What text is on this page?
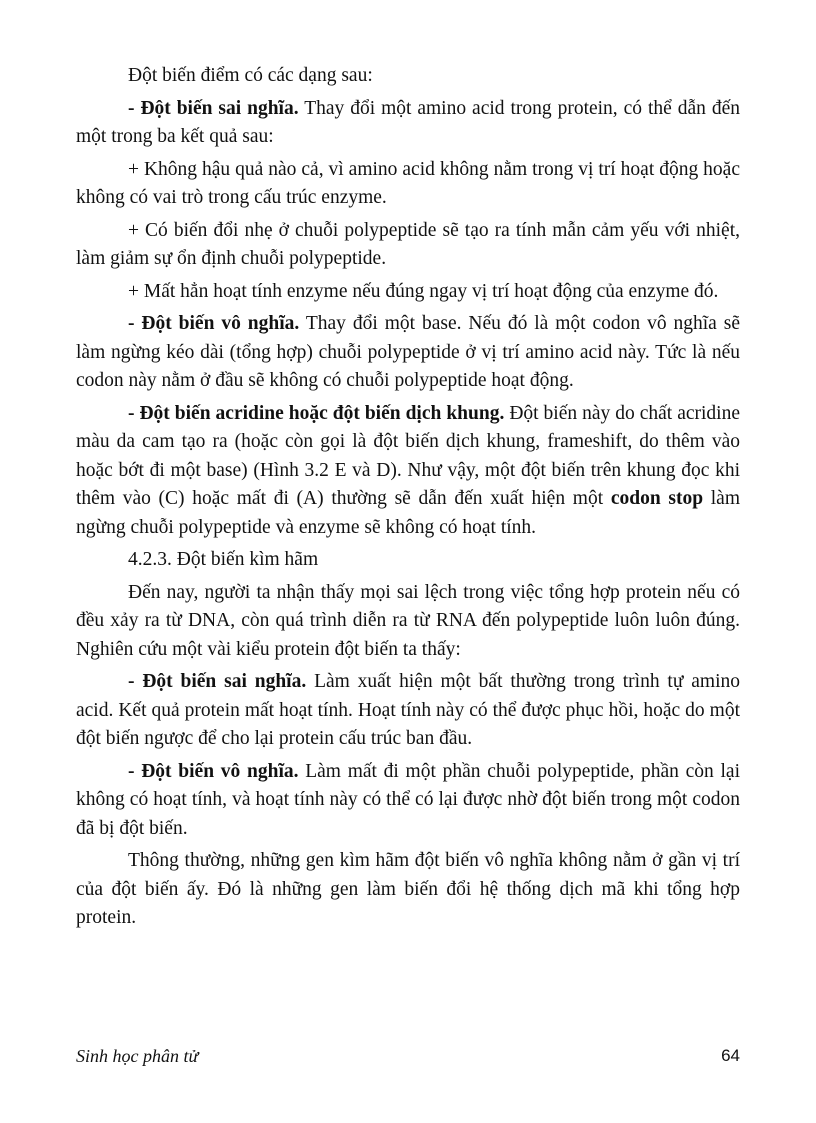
Đột biến điểm có các dạng sau:

- Đột biến sai nghĩa. Thay đổi một amino acid trong protein, có thể dẫn đến một trong ba kết quả sau:

+ Không hậu quả nào cả, vì amino acid không nằm trong vị trí hoạt động hoặc không có vai trò trong cấu trúc enzyme.

+ Có biến đổi nhẹ ở chuỗi polypeptide sẽ tạo ra tính mẫn cảm yếu với nhiệt, làm giảm sự ổn định chuỗi polypeptide.

+ Mất hẳn hoạt tính enzyme nếu đúng ngay vị trí hoạt động của enzyme đó.

- Đột biến vô nghĩa. Thay đổi một base. Nếu đó là một codon vô nghĩa sẽ làm ngừng kéo dài (tổng hợp) chuỗi polypeptide ở vị trí amino acid này. Tức là nếu codon này nằm ở đầu sẽ không có chuỗi polypeptide hoạt động.

- Đột biến acridine hoặc đột biến dịch khung. Đột biến này do chất acridine màu da cam tạo ra (hoặc còn gọi là đột biến dịch khung, frameshift, do thêm vào hoặc bớt đi một base) (Hình 3.2 E và D). Như vậy, một đột biến trên khung đọc khi thêm vào (C) hoặc mất đi (A) thường sẽ dẫn đến xuất hiện một codon stop làm ngừng chuỗi polypeptide và enzyme sẽ không có hoạt tính.

4.2.3. Đột biến kìm hãm

Đến nay, người ta nhận thấy mọi sai lệch trong việc tổng hợp protein nếu có đều xảy ra từ DNA, còn quá trình diễn ra từ RNA đến polypeptide luôn luôn đúng. Nghiên cứu một vài kiểu protein đột biến ta thấy:

- Đột biến sai nghĩa. Làm xuất hiện một bất thường trong trình tự amino acid. Kết quả protein mất hoạt tính. Hoạt tính này có thể được phục hồi, hoặc do một đột biến ngược để cho lại protein cấu trúc ban đầu.

- Đột biến vô nghĩa. Làm mất đi một phần chuỗi polypeptide, phần còn lại không có hoạt tính, và hoạt tính này có thể có lại được nhờ đột biến trong một codon đã bị đột biến.

Thông thường, những gen kìm hãm đột biến vô nghĩa không nằm ở gần vị trí của đột biến ấy. Đó là những gen làm biến đổi hệ thống dịch mã khi tổng hợp protein.

Sinh học phân tử	64
